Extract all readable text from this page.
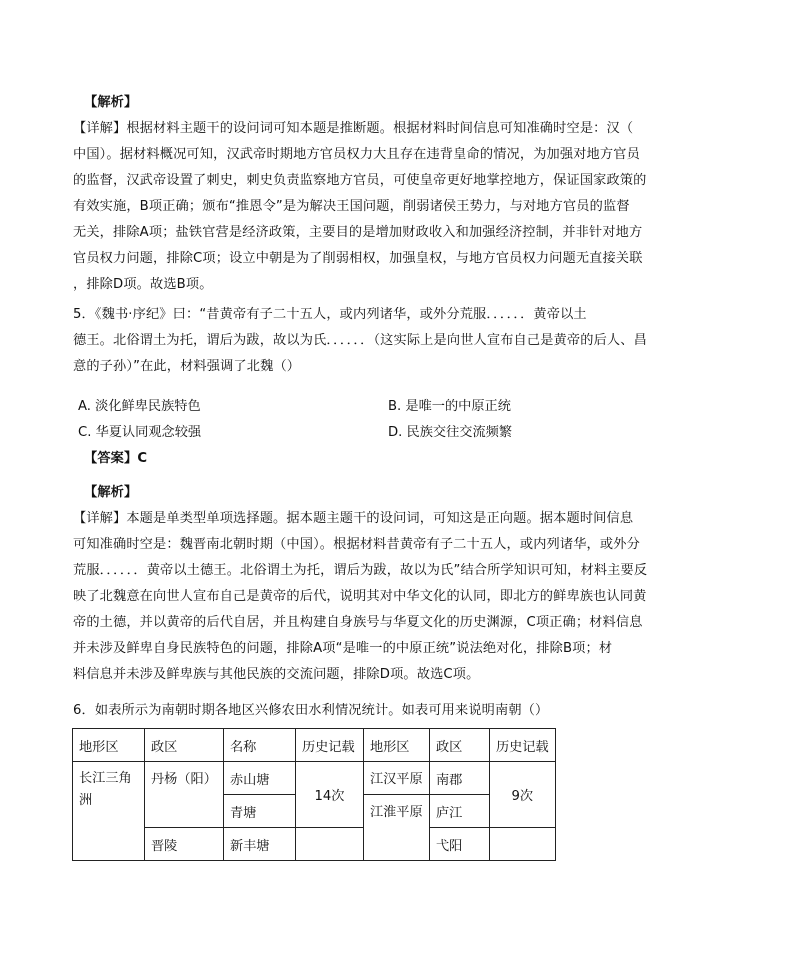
【解析】
【详解】根据材料主题干的设问词可知本题是推断题。根据材料时间信息可知准确时空是：汉（
中国）。据材料概况可知，汉武帝时期地方官员权力大且存在违背皇命的情况，为加强对地方官员
的监督，汉武帝设置了刺史，刺史负责监察地方官员，可使皇帝更好地掌控地方，保证国家政策的
有效实施，B项正确；颁布“推恩令”是为解决王国问题，削弱诸侯王势力，与对地方官员的监督
无关，排除A项；盐铁官营是经济政策，主要目的是增加财政收入和加强经济控制，并非针对地方
官员权力问题，排除C项；设立中朝是为了削弱相权，加强皇权，与地方官员权力问题无直接关联
，排除D项。故选B项。
5．《魏书·序纪》曰：“昔黄帝有子二十五人，或内列诸华，或外分荒服．．．．．．黄帝以土
德王。北俗谓土为托，谓后为跋，故以为氏．．．．．．（这实际上是向世人宣布自己是黄帝的后人、昌
意的子孙）”在此，材料强调了北魏（）
A. 淡化鲜卑民族特色	B. 是唯一的中原正统
C. 华夏认同观念较强	D. 民族交往交流频繁
【答案】C
【解析】
【详解】本题是单类型单项选择题。据本题主题干的设问词，可知这是正向题。据本题时间信息
可知准确时空是：魏晋南北朝时期（中国）。根据材料昔黄帝有子二十五人，或内列诸华，或外分
荒服．．．．．．黄帝以土德王。北俗谓土为托，谓后为跋，故以为氏”结合所学知识可知，材料主要反
映了北魏意在向世人宣布自己是黄帝的后代，说明其对中华文化的认同，即北方的鲜卑族也认同黄
帝的土德，并以黄帝的后代自居，并且构建自身族号与华夏文化的历史渊源，C项正确；材料信息
并未涉及鲜卑自身民族特色的问题，排除A项“是唯一的中原正统”说法绝对化，排除B项；材
料信息并未涉及鲜卑族与其他民族的交流问题，排除D项。故选C项。
6．如表所示为南朝时期各地区兴修农田水利情况统计。如表可用来说明南朝（）
地形区	政区	名称	历史记载	地形区	政区	历史记载

长江三角
洲	丹杨（阳）	赤山塘	14次	江汉平原	南郡	9次
		青塘		江淮平原	庐江	
	晋陵	新丰塘			弋阳	
